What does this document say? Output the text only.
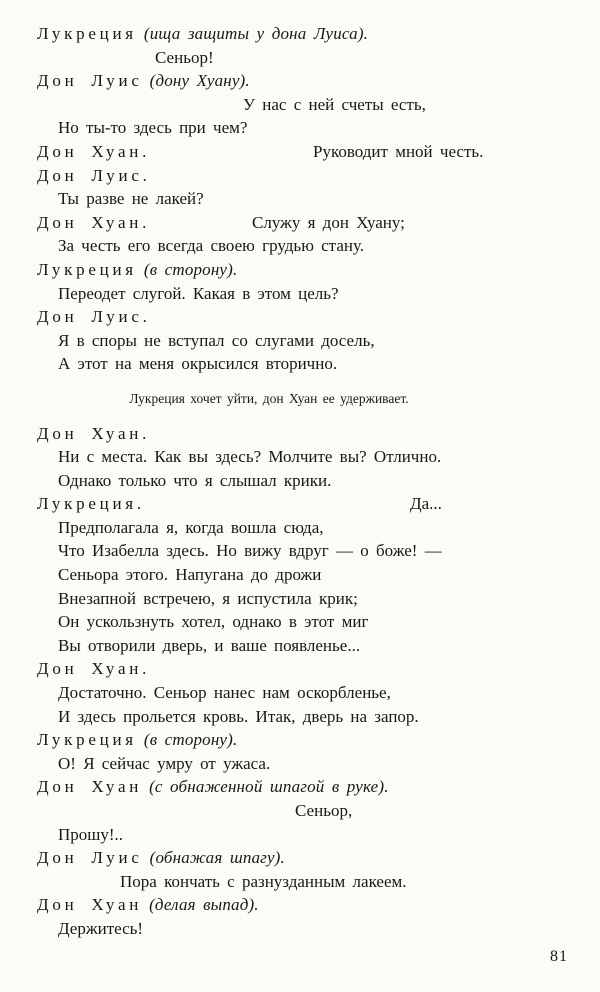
Лукреция (ища защиты у дона Луиса).
Сеньор!
Дон Луис (дону Хуану).
У нас с ней счеты есть,
Но ты-то здесь при чем?
Дон Хуан.	Руководит мной честь.
Дон Луис.
Ты разве не лакей?
Дон Хуан.	Служу я дон Хуану;
За честь его всегда своею грудью стану.
Лукреция (в сторону).
Переодет слугой. Какая в этом цель?
Дон Луис.
Я в споры не вступал со слугами досель,
А этот на меня окрысился вторично.
Лукреция хочет уйти, дон Хуан ее удерживает.
Дон Хуан.
Ни с места. Как вы здесь? Молчите вы? Отлично.
Однако только что я слышал крики.
Лукреция.	Да...
Предполагала я, когда вошла сюда,
Что Изабелла здесь. Но вижу вдруг — о боже! —
Сеньора этого. Напугана до дрожи
Внезапной встречею, я испустила крик;
Он ускользнуть хотел, однако в этот миг
Вы отворили дверь, и ваше появленье...
Дон Хуан.
Достаточно. Сеньор нанес нам оскорбленье,
И здесь прольется кровь. Итак, дверь на запор.
Лукреция (в сторону).
О! Я сейчас умру от ужаса.
Дон Хуан (с обнаженной шпагой в руке).
Сеньор,
Прошу!..
Дон Луис (обнажая шпагу).
Пора кончать с разнузданным лакеем.
Дон Хуан (делая выпад).
Держитесь!
81
